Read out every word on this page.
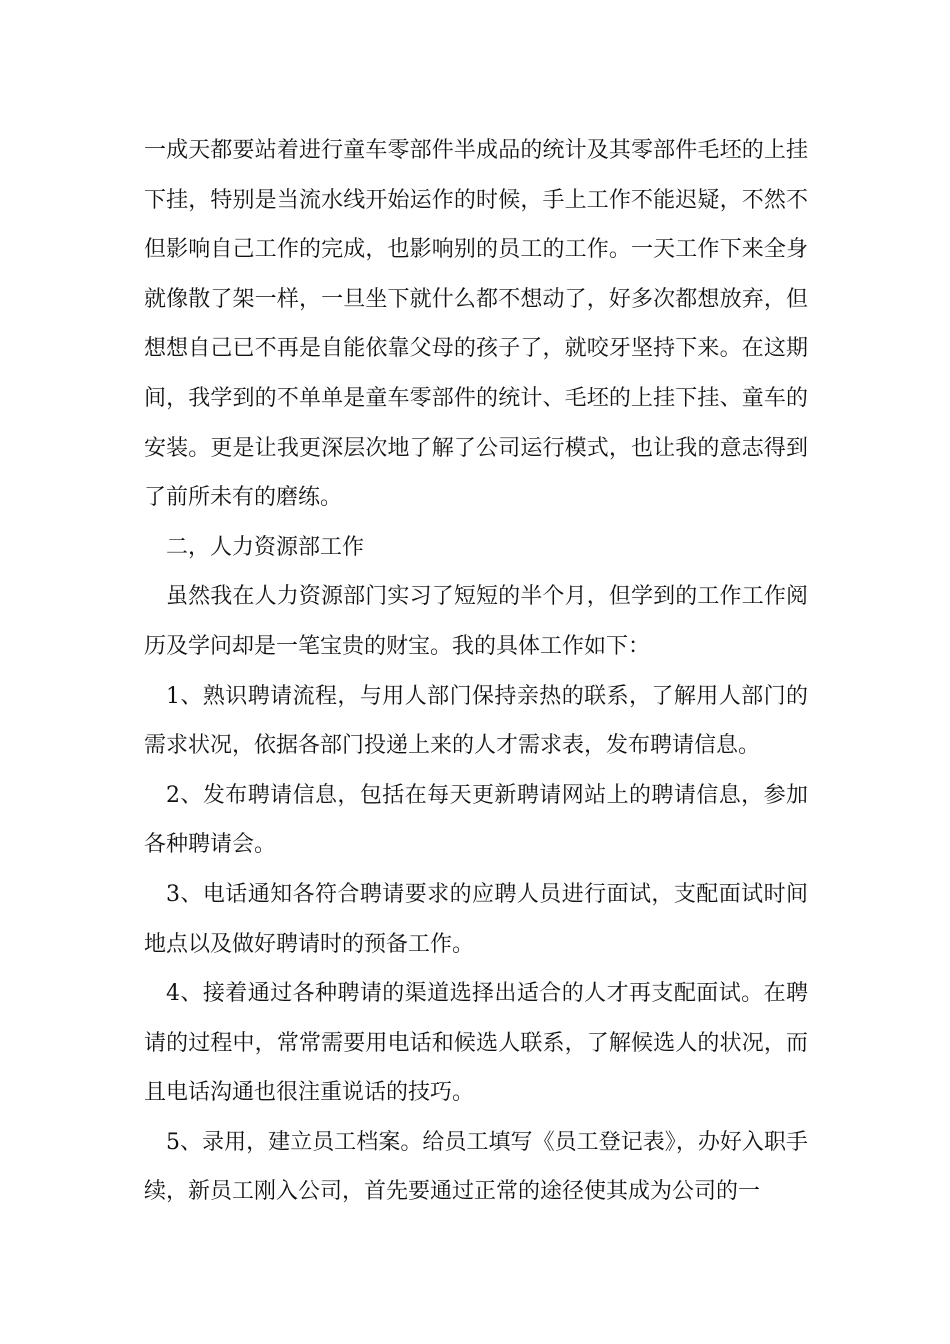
一成天都要站着进行童车零部件半成品的统计及其零部件毛坯的上挂下挂，特别是当流水线开始运作的时候，手上工作不能迟疑，不然不但影响自己工作的完成，也影响别的员工的工作。一天工作下来全身就像散了架一样，一旦坐下就什么都不想动了，好多次都想放弃，但想想自己已不再是自能依靠父母的孩子了，就咬牙坚持下来。在这期间，我学到的不单单是童车零部件的统计、毛坯的上挂下挂、童车的安装。更是让我更深层次地了解了公司运行模式，也让我的意志得到了前所未有的磨练。

二，人力资源部工作

虽然我在人力资源部门实习了短短的半个月，但学到的工作工作阅历及学问却是一笔宝贵的财宝。我的具体工作如下：

1、熟识聘请流程，与用人部门保持亲热的联系，了解用人部门的需求状况，依据各部门投递上来的人才需求表，发布聘请信息。

2、发布聘请信息，包括在每天更新聘请网站上的聘请信息，参加各种聘请会。

3、电话通知各符合聘请要求的应聘人员进行面试，支配面试时间地点以及做好聘请时的预备工作。

4、接着通过各种聘请的渠道选择出适合的人才再支配面试。在聘请的过程中，常常需要用电话和候选人联系，了解候选人的状况，而且电话沟通也很注重说话的技巧。

5、录用，建立员工档案。给员工填写《员工登记表》，办好入职手续，新员工刚入公司，首先要通过正常的途径使其成为公司的一
